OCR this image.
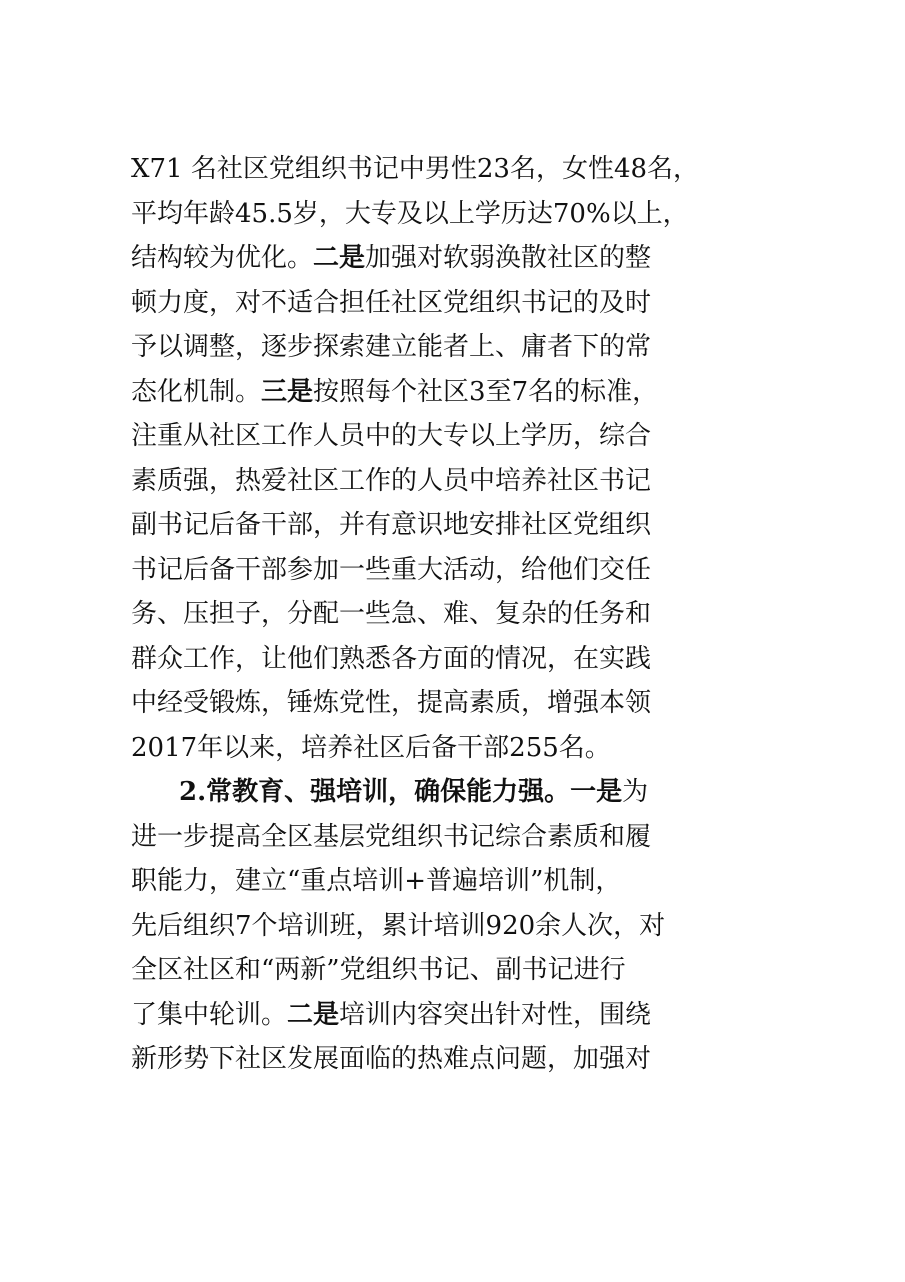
X71 名社区党组织书记中男性23名，女性48名，
平均年龄45.5岁，大专及以上学历达70%以上，
结构较为优化。二是加强对软弱涣散社区的整
顿力度，对不适合担任社区党组织书记的及时
予以调整，逐步探索建立能者上、庸者下的常
态化机制。三是按照每个社区3至7名的标准，
注重从社区工作人员中的大专以上学历，综合
素质强，热爱社区工作的人员中培养社区书记
副书记后备干部，并有意识地安排社区党组织
书记后备干部参加一些重大活动，给他们交任
务、压担子，分配一些急、难、复杂的任务和
群众工作，让他们熟悉各方面的情况，在实践
中经受锻炼，锤炼党性，提高素质，增强本领
2017年以来，培养社区后备干部255名。
2.常教育、强培训，确保能力强。一是为
进一步提高全区基层党组织书记综合素质和履
职能力，建立“重点培训+普遍培训”机制，
先后组织7个培训班，累计培训920余人次，对
全区社区和“两新”党组织书记、副书记进行
了集中轮训。二是培训内容突出针对性，围绕
新形势下社区发展面临的热难点问题，加强对
